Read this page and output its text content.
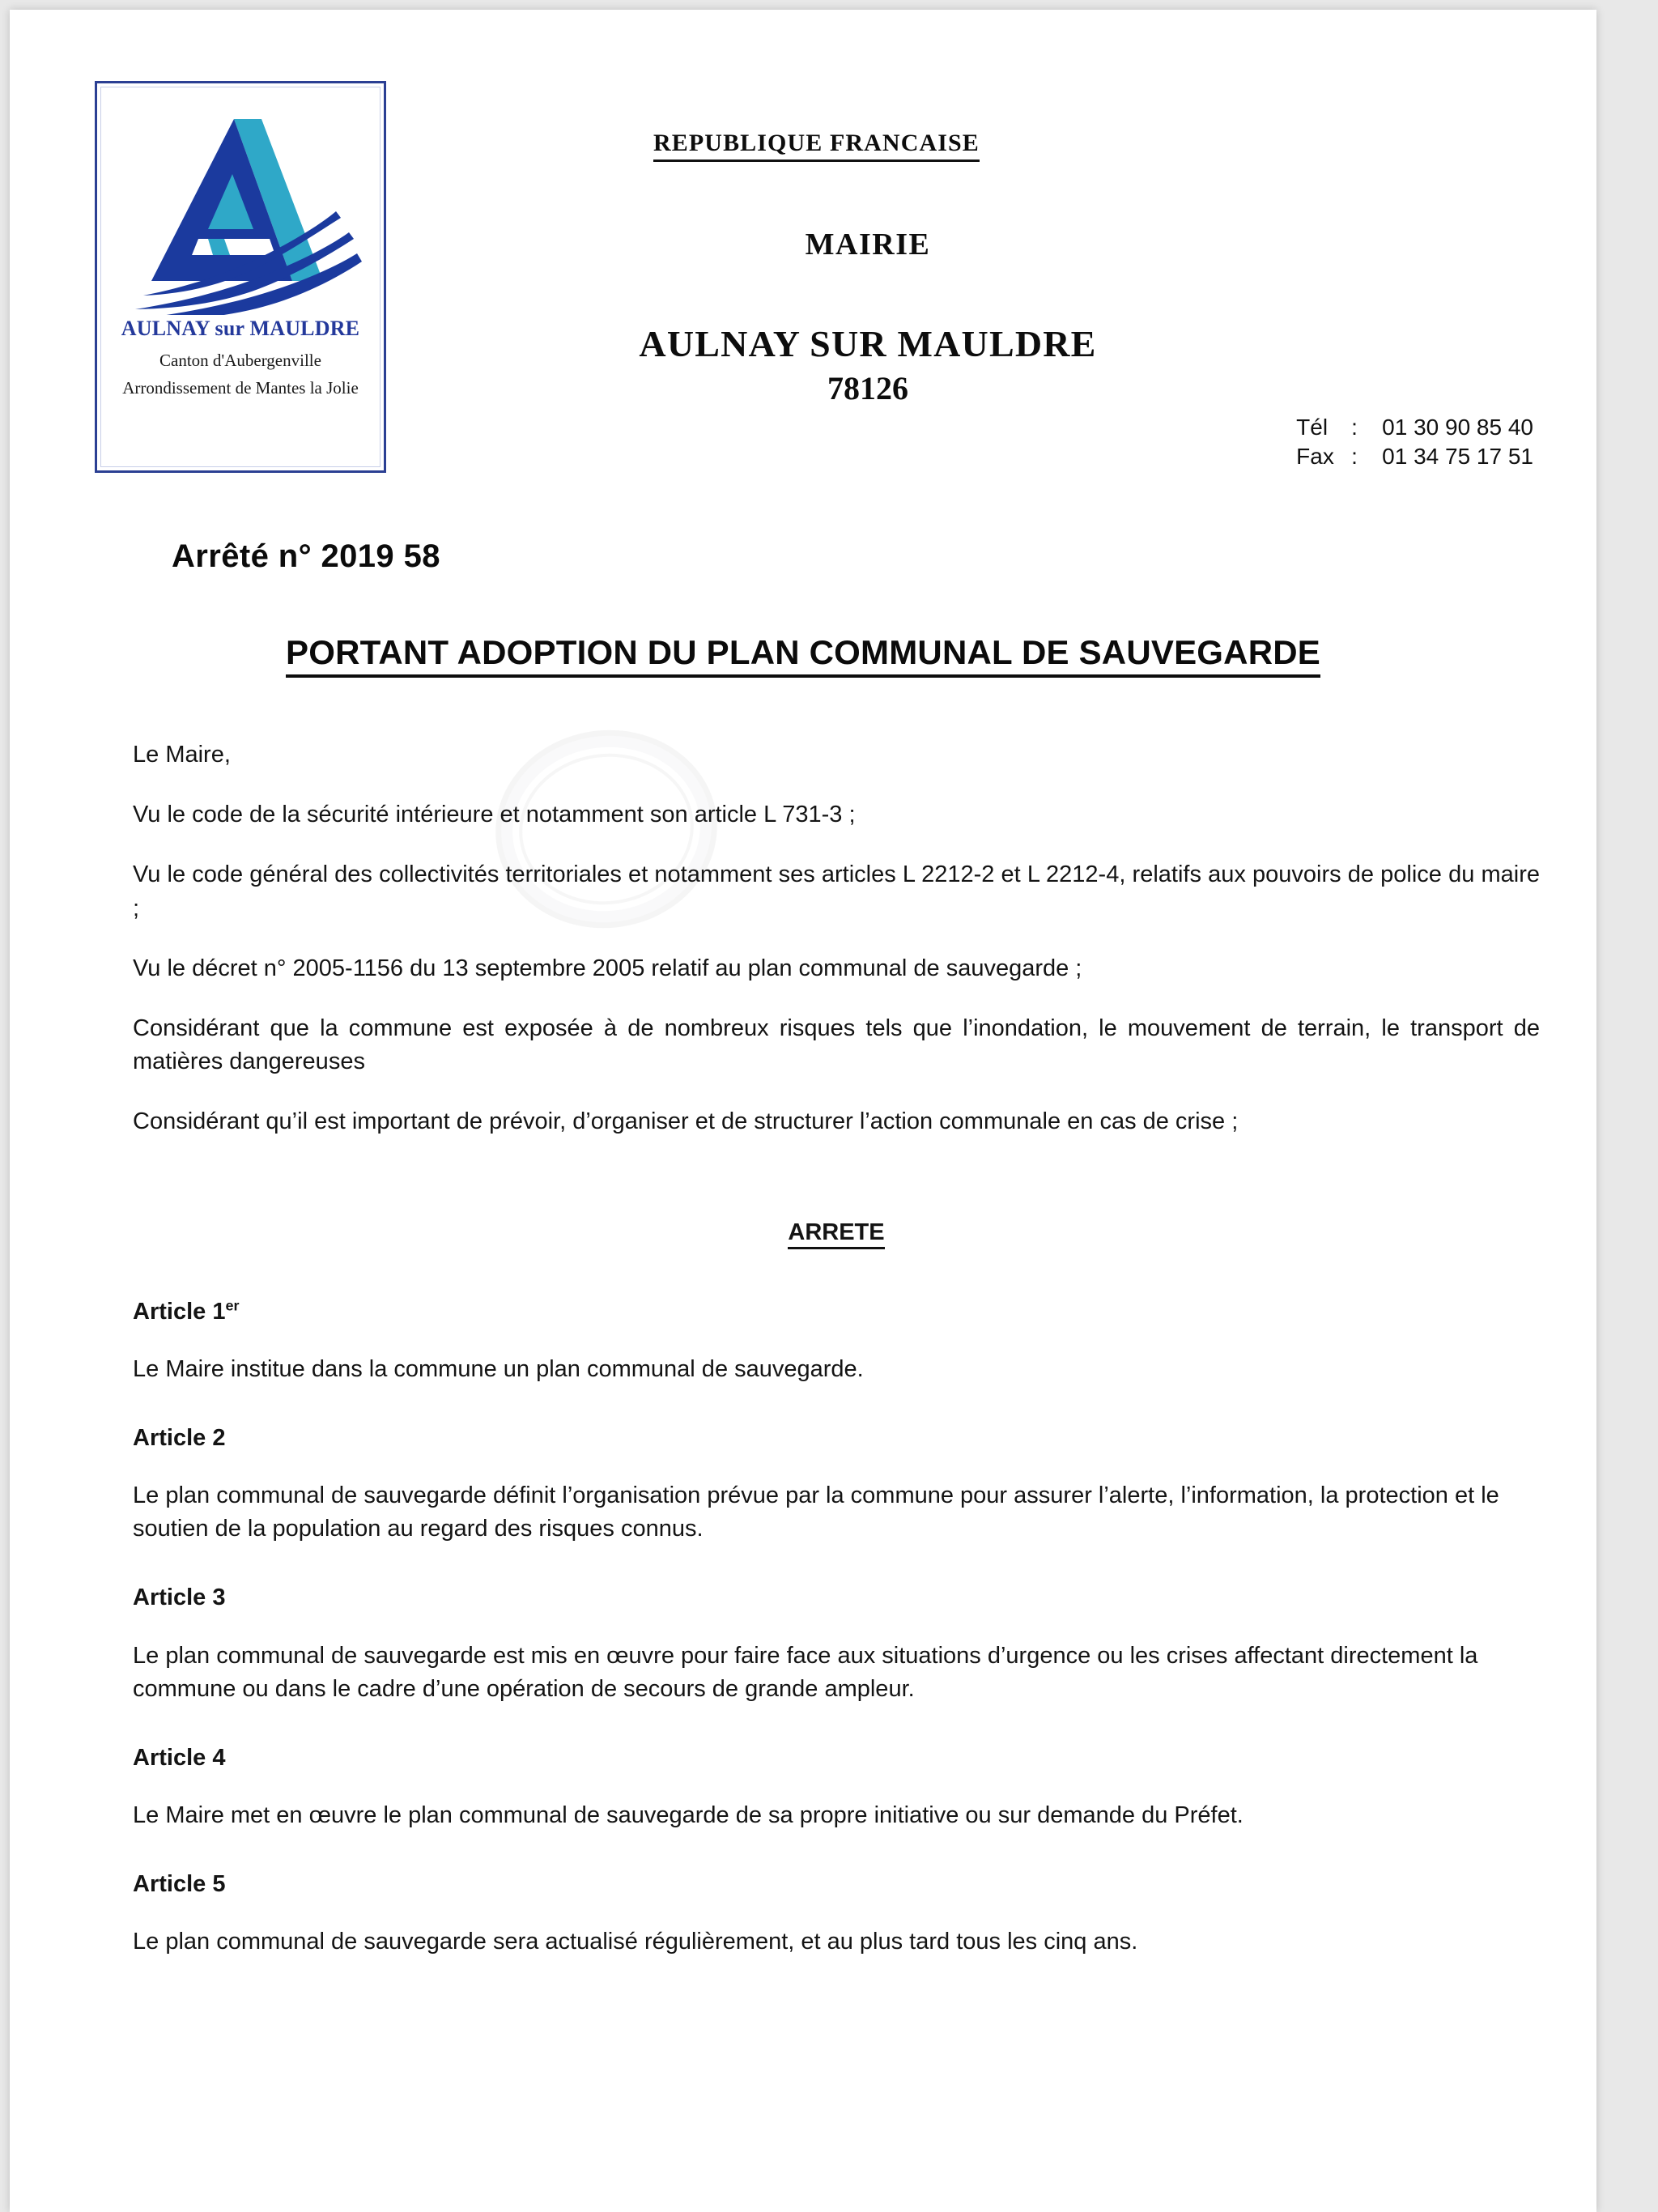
AULNAY sur MAULDRE
Canton d'Aubergenville
Arrondissement de Mantes la Jolie
REPUBLIQUE FRANCAISE
MAIRIE
AULNAY SUR MAULDRE
78126
Tél	:	01 30 90 85 40
Fax :	01 34 75 17 51
Arrêté n° 2019 58
PORTANT ADOPTION DU PLAN COMMUNAL DE SAUVEGARDE
Le Maire,
Vu le code de la sécurité intérieure et notamment son article L 731-3 ;
Vu le code général des collectivités territoriales et notamment ses articles L 2212-2 et L 2212-4, relatifs aux pouvoirs de police du maire ;
Vu le décret n° 2005-1156 du 13 septembre 2005 relatif au plan communal de sauvegarde ;
Considérant que la commune est exposée à de nombreux risques tels que l’inondation, le mouvement de terrain, le transport de matières dangereuses
Considérant qu’il est important de prévoir, d’organiser et de structurer l’action communale en cas de crise ;
ARRETE
Article 1er
Le Maire institue dans la commune un plan communal de sauvegarde.
Article 2
Le plan communal de sauvegarde définit l’organisation prévue par la commune pour assurer l’alerte, l’information, la protection et le soutien de la population au regard des risques connus.
Article 3
Le plan communal de sauvegarde est mis en œuvre pour faire face aux situations d’urgence ou les crises affectant directement la commune ou dans le cadre d’une opération de secours de grande ampleur.
Article 4
Le Maire met en œuvre le plan communal de sauvegarde de sa propre initiative ou sur demande du Préfet.
Article 5
Le plan communal de sauvegarde sera actualisé régulièrement, et au plus tard tous les cinq ans.
